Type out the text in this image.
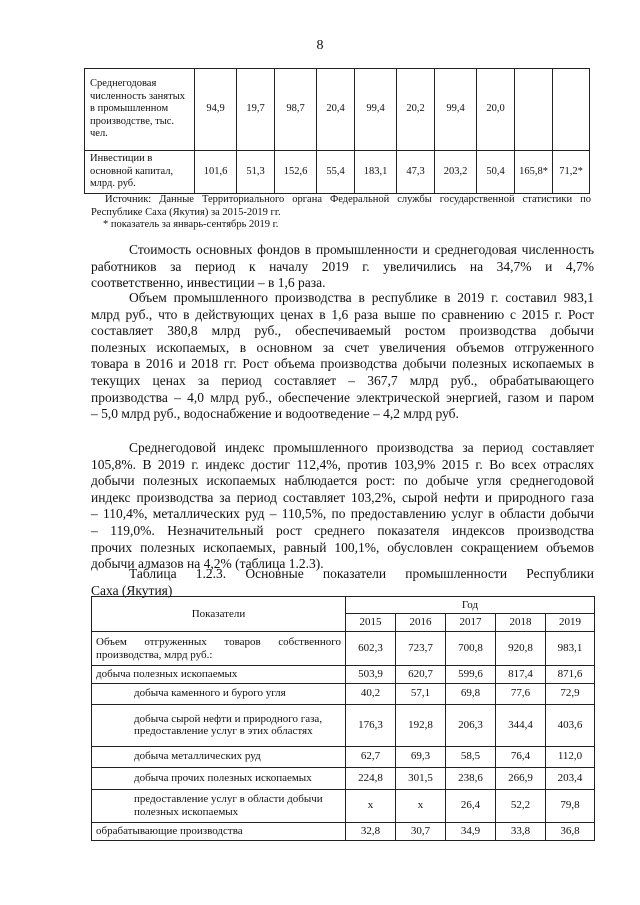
8
Среднегодовая численность занятых в промышленном производстве, тыс. чел.	94,9	19,7	98,7	20,4	99,4	20,2	99,4	20,0		
Инвестиции в основной капитал, млрд. руб.	101,6	51,3	152,6	55,4	183,1	47,3	203,2	50,4	165,8*	71,2*
Источник: Данные Территориального органа Федеральной службы государственной статистики по
Республике Саха (Якутия) за 2015-2019 гг.
* показатель за январь-сентябрь 2019 г.
Стоимость основных фондов в промышленности и среднегодовая численность
работников за период к началу 2019 г. увеличились на 34,7% и 4,7%
соответственно, инвестиции – в 1,6 раза.
Объем промышленного производства в республике в 2019 г. составил 983,1
млрд руб., что в действующих ценах в 1,6 раза выше по сравнению с 2015 г. Рост
составляет 380,8 млрд руб., обеспечиваемый ростом производства добычи
полезных ископаемых, в основном за счет увеличения объемов отгруженного
товара в 2016 и 2018 гг. Рост объема производства добычи полезных ископаемых в
текущих ценах за период составляет – 367,7 млрд руб., обрабатывающего
производства – 4,0 млрд руб., обеспечение электрической энергией, газом и паром
– 5,0 млрд руб., водоснабжение и водоотведение – 4,2 млрд руб.
Среднегодовой индекс промышленного производства за период составляет
105,8%. В 2019 г. индекс достиг 112,4%, против 103,9% 2015 г. Во всех отраслях
добычи полезных ископаемых наблюдается рост: по добыче угля среднегодовой
индекс производства за период составляет 103,2%, сырой нефти и природного газа
– 110,4%, металлических руд – 110,5%, по предоставлению услуг в области добычи
– 119,0%. Незначительный рост среднего показателя индексов производства
прочих полезных ископаемых, равный 100,1%, обусловлен сокращением объемов
добычи алмазов на 4,2% (таблица 1.2.3).
Таблица 1.2.3. Основные показатели промышленности Республики
Саха (Якутия)
Показатели	Год				
	2015	2016	2017	2018	2019
Объем отгруженных товаров собственного производства, млрд руб.:	602,3	723,7	700,8	920,8	983,1
добыча полезных ископаемых	503,9	620,7	599,6	817,4	871,6
добыча каменного и бурого угля	40,2	57,1	69,8	77,6	72,9
добыча сырой нефти и природного газа, предоставление услуг в этих областях	176,3	192,8	206,3	344,4	403,6
добыча металлических руд	62,7	69,3	58,5	76,4	112,0
добыча прочих полезных ископаемых	224,8	301,5	238,6	266,9	203,4
предоставление услуг в области добычи полезных ископаемых	х	х	26,4	52,2	79,8
обрабатывающие производства	32,8	30,7	34,9	33,8	36,8
